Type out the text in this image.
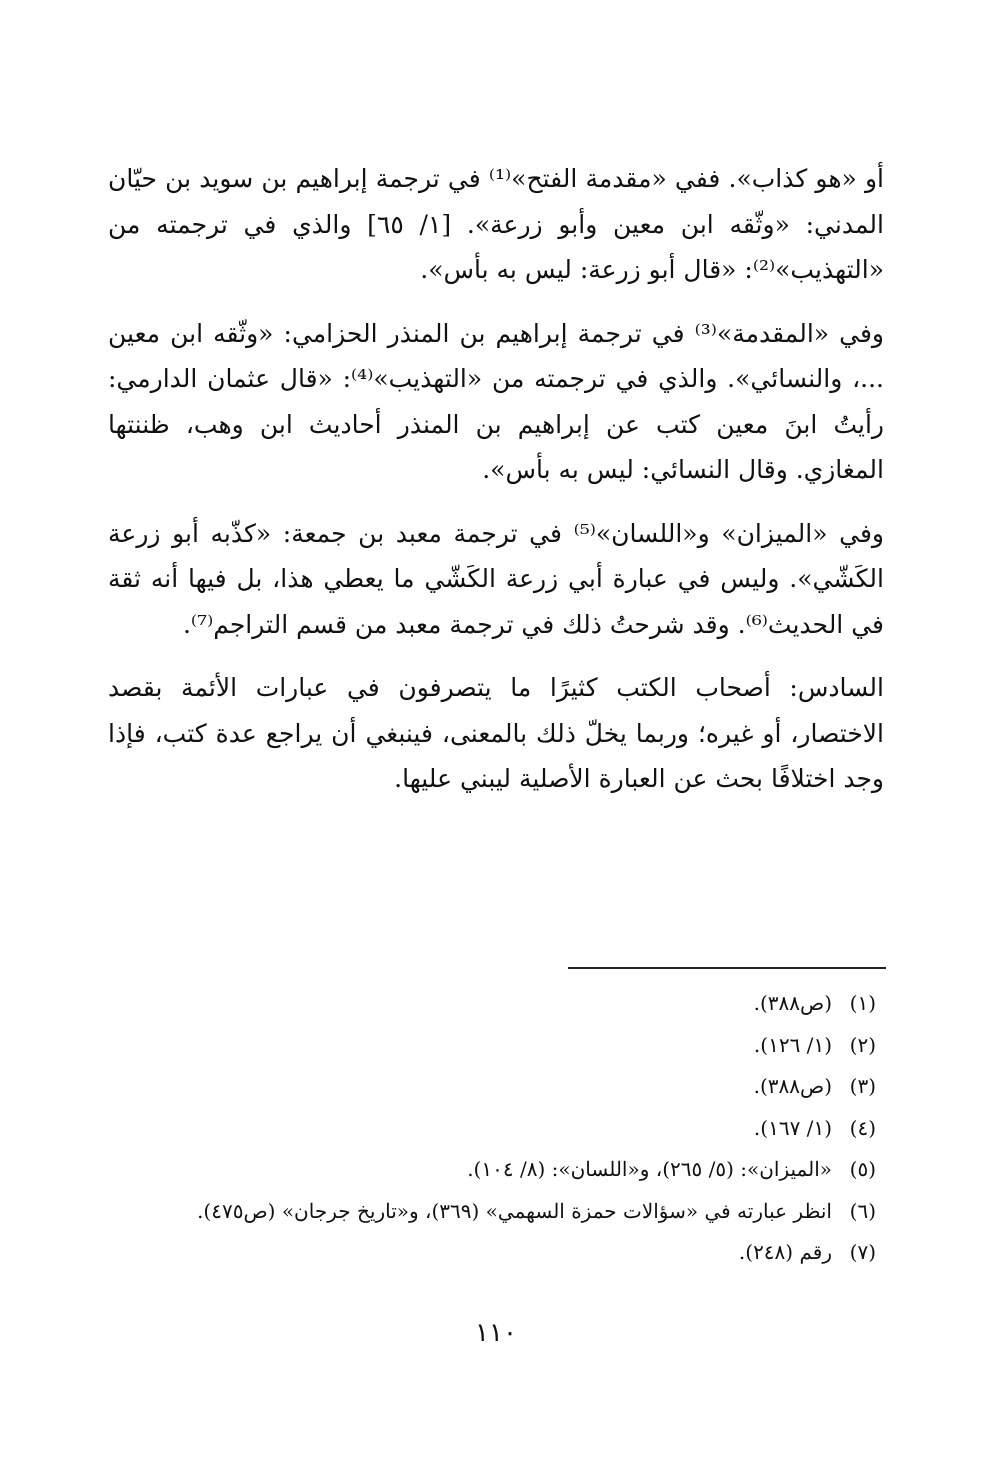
أو «هو كذاب». ففي «مقدمة الفتح»⁽¹⁾ في ترجمة إبراهيم بن سويد بن حيّان المدني: «وثّقه ابن معين وأبو زرعة». [١/ ٦٥] والذي في ترجمته من «التهذيب»⁽²⁾: «قال أبو زرعة: ليس به بأس».

وفي «المقدمة»⁽³⁾ في ترجمة إبراهيم بن المنذر الحزامي: «وثّقه ابن معين ...، والنسائي». والذي في ترجمته من «التهذيب»⁽⁴⁾: «قال عثمان الدارمي: رأيتُ ابنَ معين كتب عن إبراهيم بن المنذر أحاديث ابن وهب، ظننتها المغازي. وقال النسائي: ليس به بأس».

وفي «الميزان» و«اللسان»⁽⁵⁾ في ترجمة معبد بن جمعة: «كذّبه أبو زرعة الكَشّي». وليس في عبارة أبي زرعة الكَشّي ما يعطي هذا، بل فيها أنه ثقة في الحديث⁽⁶⁾. وقد شرحتُ ذلك في ترجمة معبد من قسم التراجم⁽⁷⁾.

السادس: أصحاب الكتب كثيرًا ما يتصرفون في عبارات الأئمة بقصد الاختصار، أو غيره؛ وربما يخلّ ذلك بالمعنى، فينبغي أن يراجع عدة كتب، فإذا وجد اختلافًا بحث عن العبارة الأصلية ليبني عليها.

(١)
(ص٣٨٨).
(٢)
(١/ ١٢٦).
(٣)
(ص٣٨٨).
(٤)
(١/ ١٦٧).
(٥)
«الميزان»: (٥/ ٢٦٥)، و«اللسان»: (٨/ ١٠٤).
(٦)
انظر عبارته في «سؤالات حمزة السهمي» (٣٦٩)، و«تاريخ جرجان» (ص٤٧٥).
(٧)
رقم (٢٤٨).
١١٠
